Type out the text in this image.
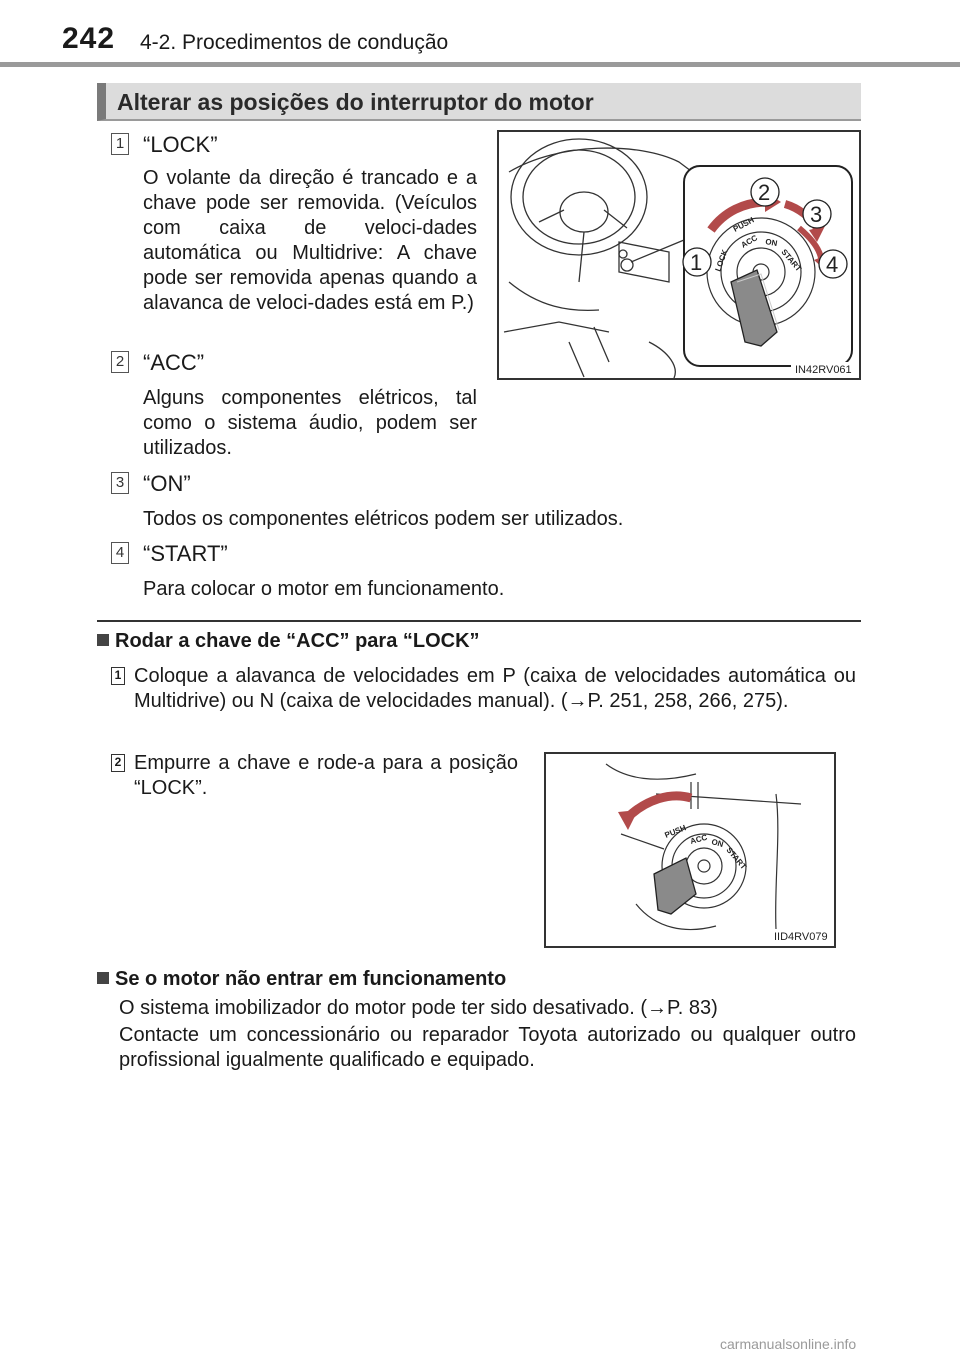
242 4-2. Procedimentos de condução
Alterar as posições do interruptor do motor
1 “LOCK”
O volante da direção é trancado e a chave pode ser removida. (Veículos com caixa de veloci-dades automática ou Multidrive: A chave pode ser removida apenas quando a alavanca de veloci-dades está em P.)
2 “ACC”
Alguns componentes elétricos, tal como o sistema áudio, podem ser utilizados.
3 “ON”
Todos os componentes elétricos podem ser utilizados.
4 “START”
Para colocar o motor em funcionamento.
PUSH
LOCK
ACC ON
START
1
2
3
4
IN42RV061
Rodar a chave de “ACC” para “LOCK”
1 Coloque a alavanca de velocidades em P (caixa de velocidades automática ou Multidrive) ou N (caixa de velocidades manual). (→P. 251, 258, 266, 275).
2 Empurre a chave e rode-a para a posição “LOCK”.
PUSH ACC ON
START
IID4RV079
Se o motor não entrar em funcionamento
O sistema imobilizador do motor pode ter sido desativado. (→P. 83)
Contacte um concessionário ou reparador Toyota autorizado ou qualquer outro profissional igualmente qualificado e equipado.
carmanualsonline.info
